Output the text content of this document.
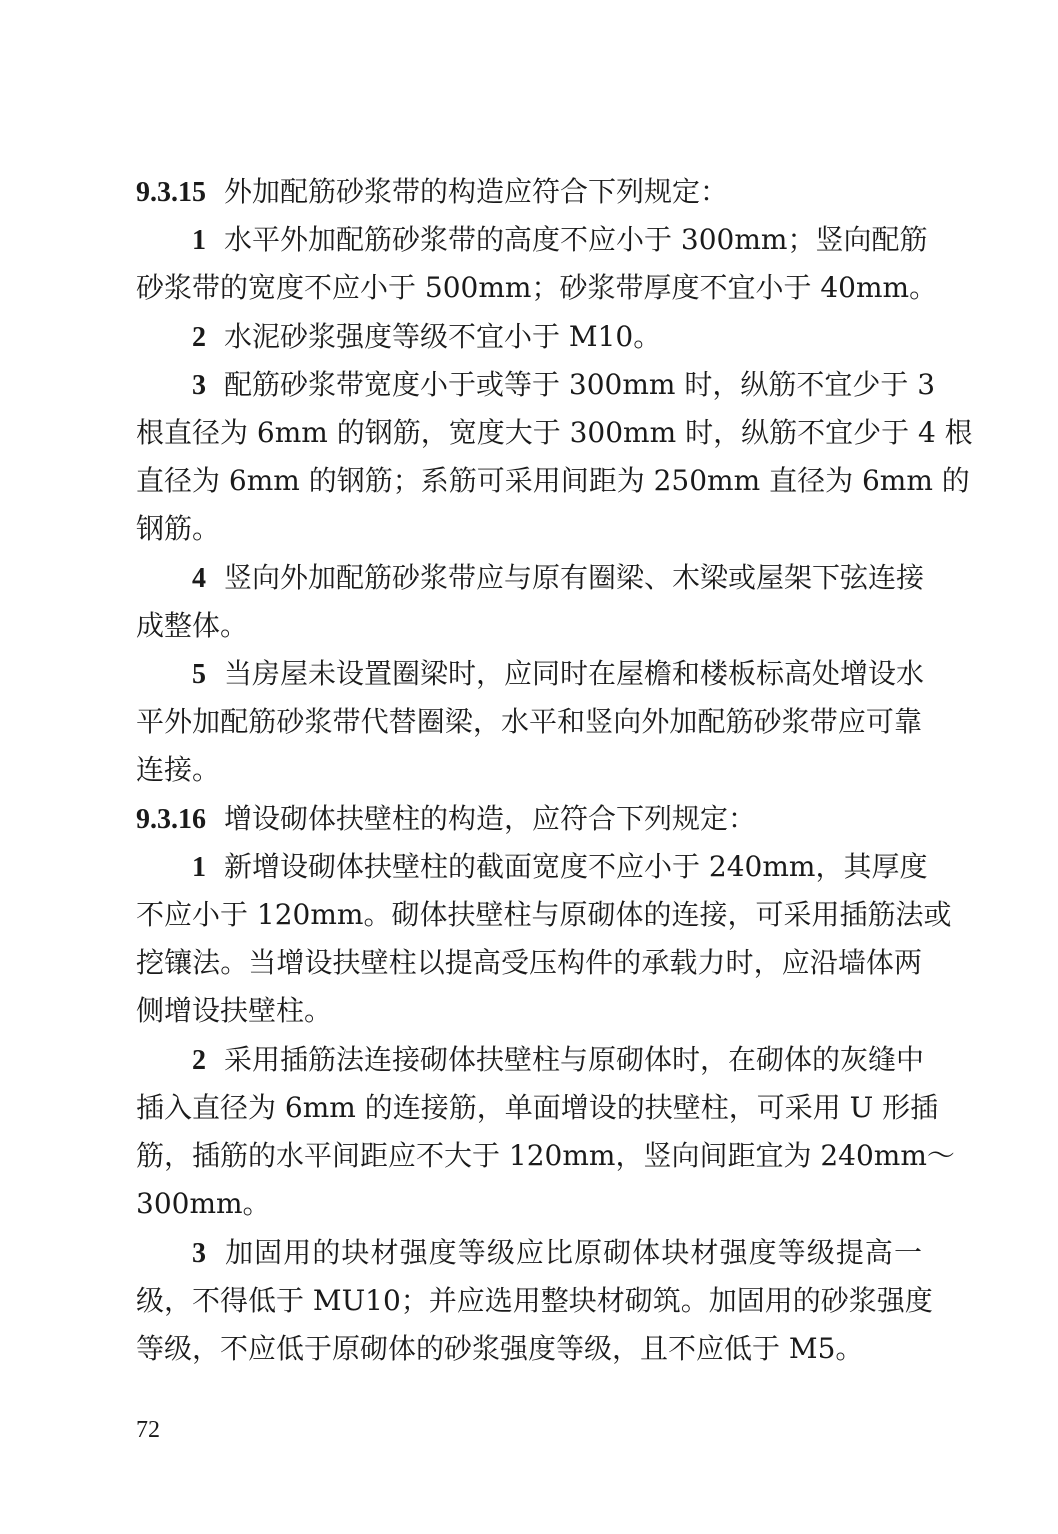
9.3.15 外加配筋砂浆带的构造应符合下列规定：
1 水平外加配筋砂浆带的高度不应小于 300mm；竖向配筋
砂浆带的宽度不应小于 500mm；砂浆带厚度不宜小于 40mm。
2 水泥砂浆强度等级不宜小于 M10。
3 配筋砂浆带宽度小于或等于 300mm 时，纵筋不宜少于 3
根直径为 6mm 的钢筋，宽度大于 300mm 时，纵筋不宜少于 4 根
直径为 6mm 的钢筋；系筋可采用间距为 250mm 直径为 6mm 的
钢筋。
4 竖向外加配筋砂浆带应与原有圈梁、木梁或屋架下弦连接
成整体。
5 当房屋未设置圈梁时，应同时在屋檐和楼板标高处增设水
平外加配筋砂浆带代替圈梁，水平和竖向外加配筋砂浆带应可靠
连接。
9.3.16 增设砌体扶壁柱的构造，应符合下列规定：
1 新增设砌体扶壁柱的截面宽度不应小于 240mm，其厚度
不应小于 120mm。砌体扶壁柱与原砌体的连接，可采用插筋法或
挖镶法。当增设扶壁柱以提高受压构件的承载力时，应沿墙体两
侧增设扶壁柱。
2 采用插筋法连接砌体扶壁柱与原砌体时，在砌体的灰缝中
插入直径为 6mm 的连接筋，单面增设的扶壁柱，可采用 U 形插
筋，插筋的水平间距应不大于 120mm，竖向间距宜为 240mm～
300mm。
3 加固用的块材强度等级应比原砌体块材强度等级提高一
级，不得低于 MU10；并应选用整块材砌筑。加固用的砂浆强度
等级，不应低于原砌体的砂浆强度等级，且不应低于 M5。
72
